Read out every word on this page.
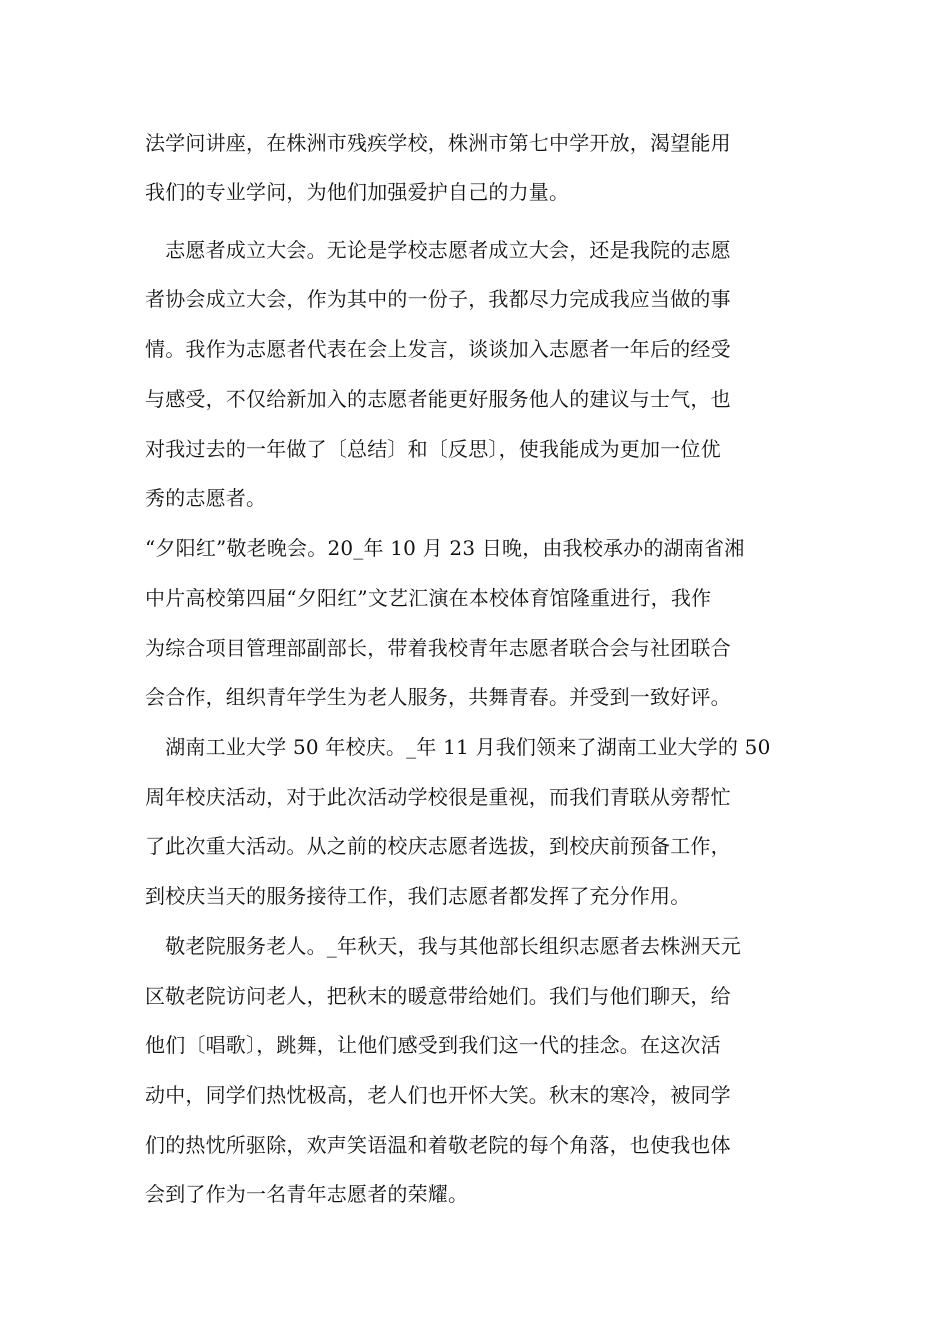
法学问讲座，在株洲市残疾学校，株洲市第七中学开放，渴望能用
我们的专业学问，为他们加强爱护自己的力量。
　志愿者成立大会。无论是学校志愿者成立大会，还是我院的志愿
者协会成立大会，作为其中的一份子，我都尽力完成我应当做的事
情。我作为志愿者代表在会上发言，谈谈加入志愿者一年后的经受
与感受，不仅给新加入的志愿者能更好服务他人的建议与士气，也
对我过去的一年做了〔总结〕和〔反思〕，使我能成为更加一位优
秀的志愿者。
“夕阳红”敬老晚会。20_年 10 月 23 日晚，由我校承办的湖南省湘
中片高校第四届“夕阳红”文艺汇演在本校体育馆隆重进行，我作
为综合项目管理部副部长，带着我校青年志愿者联合会与社团联合
会合作，组织青年学生为老人服务，共舞青春。并受到一致好评。
　湖南工业大学 50 年校庆。_年 11 月我们领来了湖南工业大学的 50
周年校庆活动，对于此次活动学校很是重视，而我们青联从旁帮忙
了此次重大活动。从之前的校庆志愿者选拔，到校庆前预备工作，
到校庆当天的服务接待工作，我们志愿者都发挥了充分作用。
　敬老院服务老人。_年秋天，我与其他部长组织志愿者去株洲天元
区敬老院访问老人，把秋末的暖意带给她们。我们与他们聊天，给
他们〔唱歌〕，跳舞，让他们感受到我们这一代的挂念。在这次活
动中，同学们热忱极高，老人们也开怀大笑。秋末的寒冷，被同学
们的热忱所驱除，欢声笑语温和着敬老院的每个角落，也使我也体
会到了作为一名青年志愿者的荣耀。
